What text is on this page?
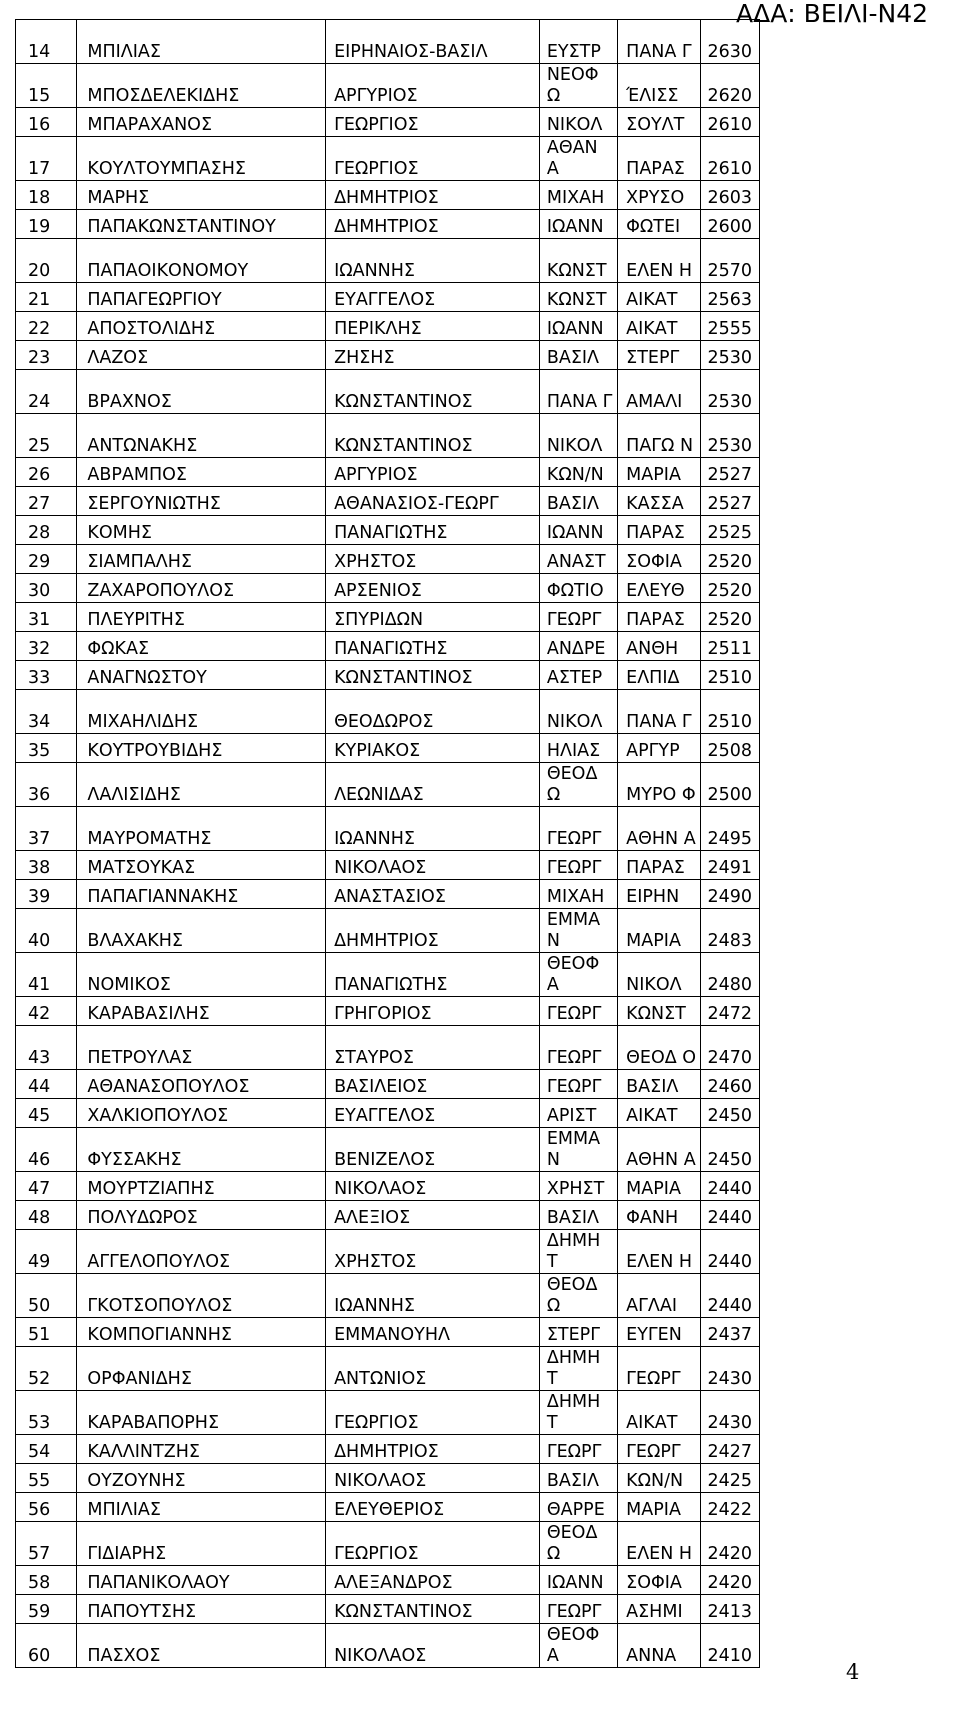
ΑΔΑ: ΒΕΙΛΙ-Ν42
14	ΜΠΙΛΙΑΣ	ΕΙΡΗΝΑΙΟΣ-ΒΑΣΙΛ	ΕΥΣΤΡ	ΠΑΝΑ Γ	2630
15	ΜΠΟΣΔΕΛΕΚΙΔΗΣ	ΑΡΓΥΡΙΟΣ	ΝΕΟΦ Ω	ΈΛΙΣΣ	2620
16	ΜΠΑΡΑΧΑΝΟΣ	ΓΕΩΡΓΙΟΣ	ΝΙΚΟΛ	ΣΟΥΛΤ	2610
17	ΚΟΥΛΤΟΥΜΠΑΣΗΣ	ΓΕΩΡΓΙΟΣ	ΑΘΑΝ Α	ΠΑΡΑΣ	2610
18	ΜΑΡΗΣ	ΔΗΜΗΤΡΙΟΣ	ΜΙΧΑΗ	ΧΡΥΣΟ	2603
19	ΠΑΠΑΚΩΝΣΤΑΝΤΙΝΟΥ	ΔΗΜΗΤΡΙΟΣ	ΙΩΑΝΝ	ΦΩΤΕΙ	2600
20	ΠΑΠΑΟΙΚΟΝΟΜΟΥ	ΙΩΑΝΝΗΣ	ΚΩΝΣΤ	ΕΛΕΝ Η	2570
21	ΠΑΠΑΓΕΩΡΓΙΟΥ	ΕΥΑΓΓΕΛΟΣ	ΚΩΝΣΤ	ΑΙΚΑΤ	2563
22	ΑΠΟΣΤΟΛΙΔΗΣ	ΠΕΡΙΚΛΗΣ	ΙΩΑΝΝ	ΑΙΚΑΤ	2555
23	ΛΑΖΟΣ	ΖΗΣΗΣ	ΒΑΣΙΛ	ΣΤΕΡΓ	2530
24	ΒΡΑΧΝΟΣ	ΚΩΝΣΤΑΝΤΙΝΟΣ	ΠΑΝΑ Γ	ΑΜΑΛΙ	2530
25	ΑΝΤΩΝΑΚΗΣ	ΚΩΝΣΤΑΝΤΙΝΟΣ	ΝΙΚΟΛ	ΠΑΓΩ Ν	2530
26	ΑΒΡΑΜΠΟΣ	ΑΡΓΥΡΙΟΣ	ΚΩΝ/Ν	ΜΑΡΙΑ	2527
27	ΣΕΡΓΟΥΝΙΩΤΗΣ	ΑΘΑΝΑΣΙΟΣ-ΓΕΩΡΓ	ΒΑΣΙΛ	ΚΑΣΣΑ	2527
28	ΚΟΜΗΣ	ΠΑΝΑΓΙΩΤΗΣ	ΙΩΑΝΝ	ΠΑΡΑΣ	2525
29	ΣΙΑΜΠΑΛΗΣ	ΧΡΗΣΤΟΣ	ΑΝΑΣΤ	ΣΟΦΙΑ	2520
30	ΖΑΧΑΡΟΠΟΥΛΟΣ	ΑΡΣΕΝΙΟΣ	ΦΩΤΙΟ	ΕΛΕΥΘ	2520
31	ΠΛΕΥΡΙΤΗΣ	ΣΠΥΡΙΔΩΝ	ΓΕΩΡΓ	ΠΑΡΑΣ	2520
32	ΦΩΚΑΣ	ΠΑΝΑΓΙΩΤΗΣ	ΑΝΔΡΕ	ΑΝΘΗ	2511
33	ΑΝΑΓΝΩΣΤΟΥ	ΚΩΝΣΤΑΝΤΙΝΟΣ	ΑΣΤΕΡ	ΕΛΠΙΔ	2510
34	ΜΙΧΑΗΛΙΔΗΣ	ΘΕΟΔΩΡΟΣ	ΝΙΚΟΛ	ΠΑΝΑ Γ	2510
35	ΚΟΥΤΡΟΥΒΙΔΗΣ	ΚΥΡΙΑΚΟΣ	ΗΛΙΑΣ	ΑΡΓΥΡ	2508
36	ΛΑΛΙΣΙΔΗΣ	ΛΕΩΝΙΔΑΣ	ΘΕΟΔ Ω	ΜΥΡΟ Φ	2500
37	ΜΑΥΡΟΜΑΤΗΣ	ΙΩΑΝΝΗΣ	ΓΕΩΡΓ	ΑΘΗΝ Α	2495
38	ΜΑΤΣΟΥΚΑΣ	ΝΙΚΟΛΑΟΣ	ΓΕΩΡΓ	ΠΑΡΑΣ	2491
39	ΠΑΠΑΓΙΑΝΝΑΚΗΣ	ΑΝΑΣΤΑΣΙΟΣ	ΜΙΧΑΗ	ΕΙΡΗΝ	2490
40	ΒΛΑΧΑΚΗΣ	ΔΗΜΗΤΡΙΟΣ	ΕΜΜΑ Ν	ΜΑΡΙΑ	2483
41	ΝΟΜΙΚΟΣ	ΠΑΝΑΓΙΩΤΗΣ	ΘΕΟΦ Α	ΝΙΚΟΛ	2480
42	ΚΑΡΑΒΑΣΙΛΗΣ	ΓΡΗΓΟΡΙΟΣ	ΓΕΩΡΓ	ΚΩΝΣΤ	2472
43	ΠΕΤΡΟΥΛΑΣ	ΣΤΑΥΡΟΣ	ΓΕΩΡΓ	ΘΕΟΔ Ο	2470
44	ΑΘΑΝΑΣΟΠΟΥΛΟΣ	ΒΑΣΙΛΕΙΟΣ	ΓΕΩΡΓ	ΒΑΣΙΛ	2460
45	ΧΑΛΚΙΟΠΟΥΛΟΣ	ΕΥΑΓΓΕΛΟΣ	ΑΡΙΣΤ	ΑΙΚΑΤ	2450
46	ΦΥΣΣΑΚΗΣ	ΒΕΝΙΖΕΛΟΣ	ΕΜΜΑ Ν	ΑΘΗΝ Α	2450
47	ΜΟΥΡΤΖΙΑΠΗΣ	ΝΙΚΟΛΑΟΣ	ΧΡΗΣΤ	ΜΑΡΙΑ	2440
48	ΠΟΛΥΔΩΡΟΣ	ΑΛΕΞΙΟΣ	ΒΑΣΙΛ	ΦΑΝΗ	2440
49	ΑΓΓΕΛΟΠΟΥΛΟΣ	ΧΡΗΣΤΟΣ	ΔΗΜΗ Τ	ΕΛΕΝ Η	2440
50	ΓΚΟΤΣΟΠΟΥΛΟΣ	ΙΩΑΝΝΗΣ	ΘΕΟΔ Ω	ΑΓΛΑΙ	2440
51	ΚΟΜΠΟΓΙΑΝΝΗΣ	ΕΜΜΑΝΟΥΗΛ	ΣΤΕΡΓ	ΕΥΓΕΝ	2437
52	ΟΡΦΑΝΙΔΗΣ	ΑΝΤΩΝΙΟΣ	ΔΗΜΗ Τ	ΓΕΩΡΓ	2430
53	ΚΑΡΑΒΑΠΟΡΗΣ	ΓΕΩΡΓΙΟΣ	ΔΗΜΗ Τ	ΑΙΚΑΤ	2430
54	ΚΑΛΛΙΝΤΖΗΣ	ΔΗΜΗΤΡΙΟΣ	ΓΕΩΡΓ	ΓΕΩΡΓ	2427
55	ΟΥΖΟΥΝΗΣ	ΝΙΚΟΛΑΟΣ	ΒΑΣΙΛ	ΚΩΝ/Ν	2425
56	ΜΠΙΛΙΑΣ	ΕΛΕΥΘΕΡΙΟΣ	ΘΑΡΡΕ	ΜΑΡΙΑ	2422
57	ΓΙΔΙΑΡΗΣ	ΓΕΩΡΓΙΟΣ	ΘΕΟΔ Ω	ΕΛΕΝ Η	2420
58	ΠΑΠΑΝΙΚΟΛΑΟΥ	ΑΛΕΞΑΝΔΡΟΣ	ΙΩΑΝΝ	ΣΟΦΙΑ	2420
59	ΠΑΠΟΥΤΣΗΣ	ΚΩΝΣΤΑΝΤΙΝΟΣ	ΓΕΩΡΓ	ΑΣΗΜΙ	2413
60	ΠΑΣΧΟΣ	ΝΙΚΟΛΑΟΣ	ΘΕΟΦ Α	ΑΝΝΑ	2410
4
